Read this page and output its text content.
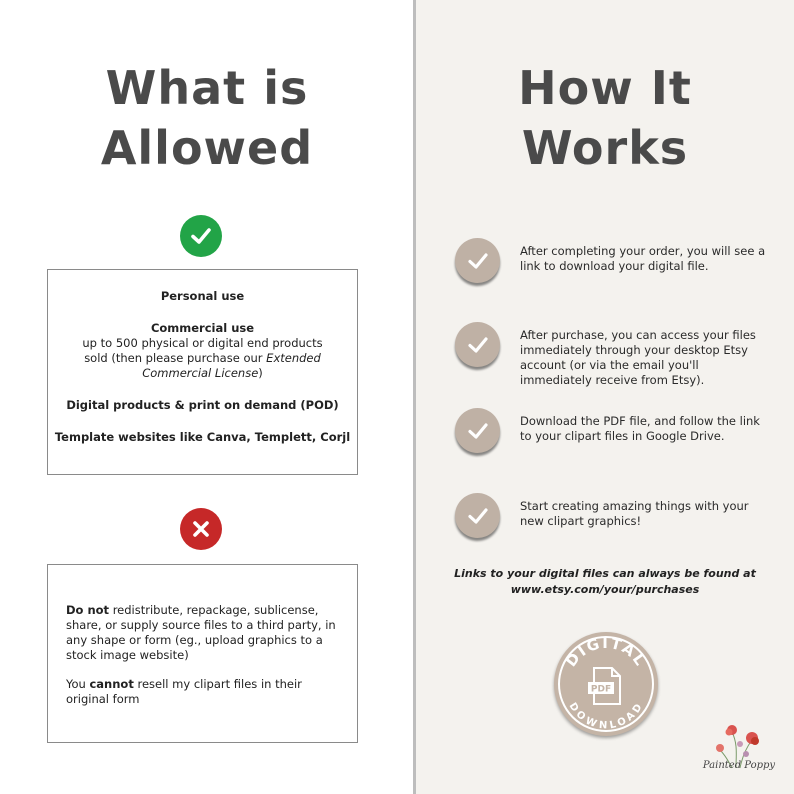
What is
Allowed
Personal use
Commercial use
up to 500 physical or digital end products
sold (then please purchase our Extended
Commercial License)
Digital products & print on demand (POD)
Template websites like Canva, Templett, Corjl

Do not redistribute, repackage, sublicense, share, or supply source files to a third party, in any shape or form (eg., upload graphics to a stock image website)

You cannot resell my clipart files in their original form

How It
Works
After completing your order, you will see a link to download your digital file.
After purchase, you can access your files immediately through your desktop Etsy account (or via the email you'll immediately receive from Etsy).
Download the PDF file, and follow the link to your clipart files in Google Drive.
Start creating amazing things with your new clipart graphics!
Links to your digital files can always be found at
www.etsy.com/your/purchases
DIGITAL
DOWNLOAD
PDF
Painted Poppy
